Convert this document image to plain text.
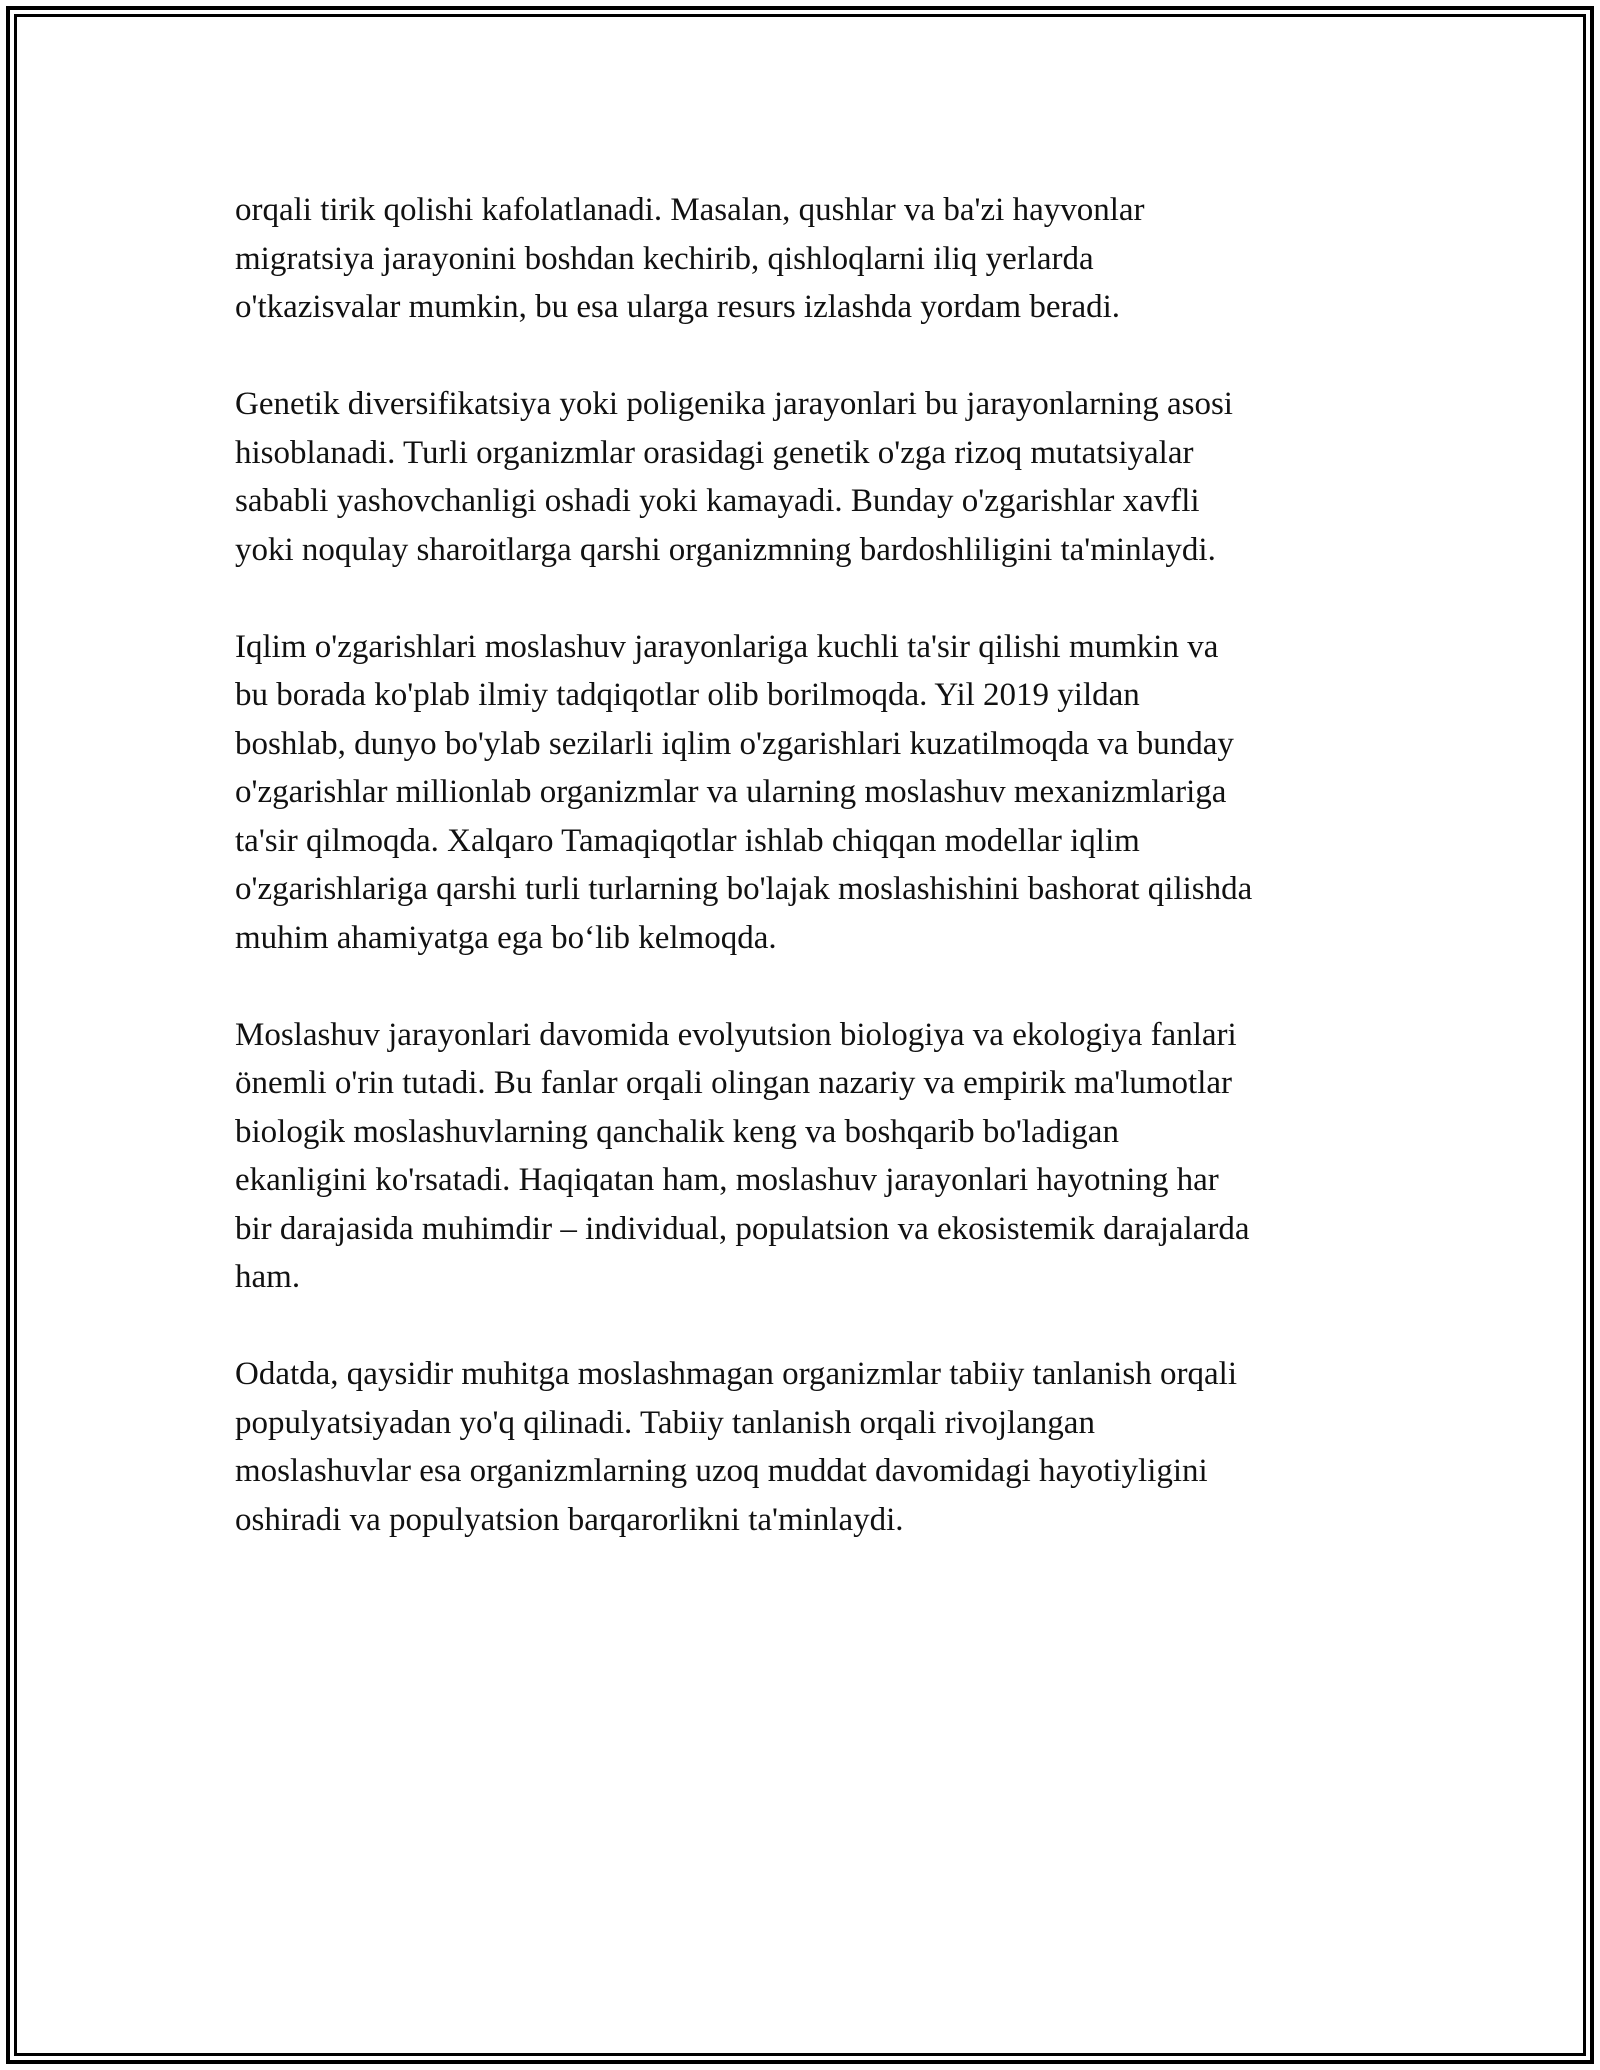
orqali tirik qolishi kafolatlanadi. Masalan, qushlar va ba'zi hayvonlar
migratsiya jarayonini boshdan kechirib, qishloqlarni iliq yerlarda
o'tkazisvalar mumkin, bu esa ularga resurs izlashda yordam beradi.

Genetik diversifikatsiya yoki poligenika jarayonlari bu jarayonlarning asosi
hisoblanadi. Turli organizmlar orasidagi genetik o'zga rizoq mutatsiyalar
sababli yashovchanligi oshadi yoki kamayadi. Bunday o'zgarishlar xavfli
yoki noqulay sharoitlarga qarshi organizmning bardoshliligini ta'minlaydi.

Iqlim o'zgarishlari moslashuv jarayonlariga kuchli ta'sir qilishi mumkin va
bu borada ko'plab ilmiy tadqiqotlar olib borilmoqda. Yil 2019 yildan
boshlab, dunyo bo'ylab sezilarli iqlim o'zgarishlari kuzatilmoqda va bunday
o'zgarishlar millionlab organizmlar va ularning moslashuv mexanizmlariga
ta'sir qilmoqda. Xalqaro Tamaqiqotlar ishlab chiqqan modellar iqlim
o'zgarishlariga qarshi turli turlarning bo'lajak moslashishini bashorat qilishda
muhim ahamiyatga ega bo‘lib kelmoqda.

Moslashuv jarayonlari davomida evolyutsion biologiya va ekologiya fanlari
önemli o'rin tutadi. Bu fanlar orqali olingan nazariy va empirik ma'lumotlar
biologik moslashuvlarning qanchalik keng va boshqarib bo'ladigan
ekanligini ko'rsatadi. Haqiqatan ham, moslashuv jarayonlari hayotning har
bir darajasida muhimdir – individual, populatsion va ekosistemik darajalarda
ham.

Odatda, qaysidir muhitga moslashmagan organizmlar tabiiy tanlanish orqali
populyatsiyadan yo'q qilinadi. Tabiiy tanlanish orqali rivojlangan
moslashuvlar esa organizmlarning uzoq muddat davomidagi hayotiyligini
oshiradi va populyatsion barqarorlikni ta'minlaydi.
